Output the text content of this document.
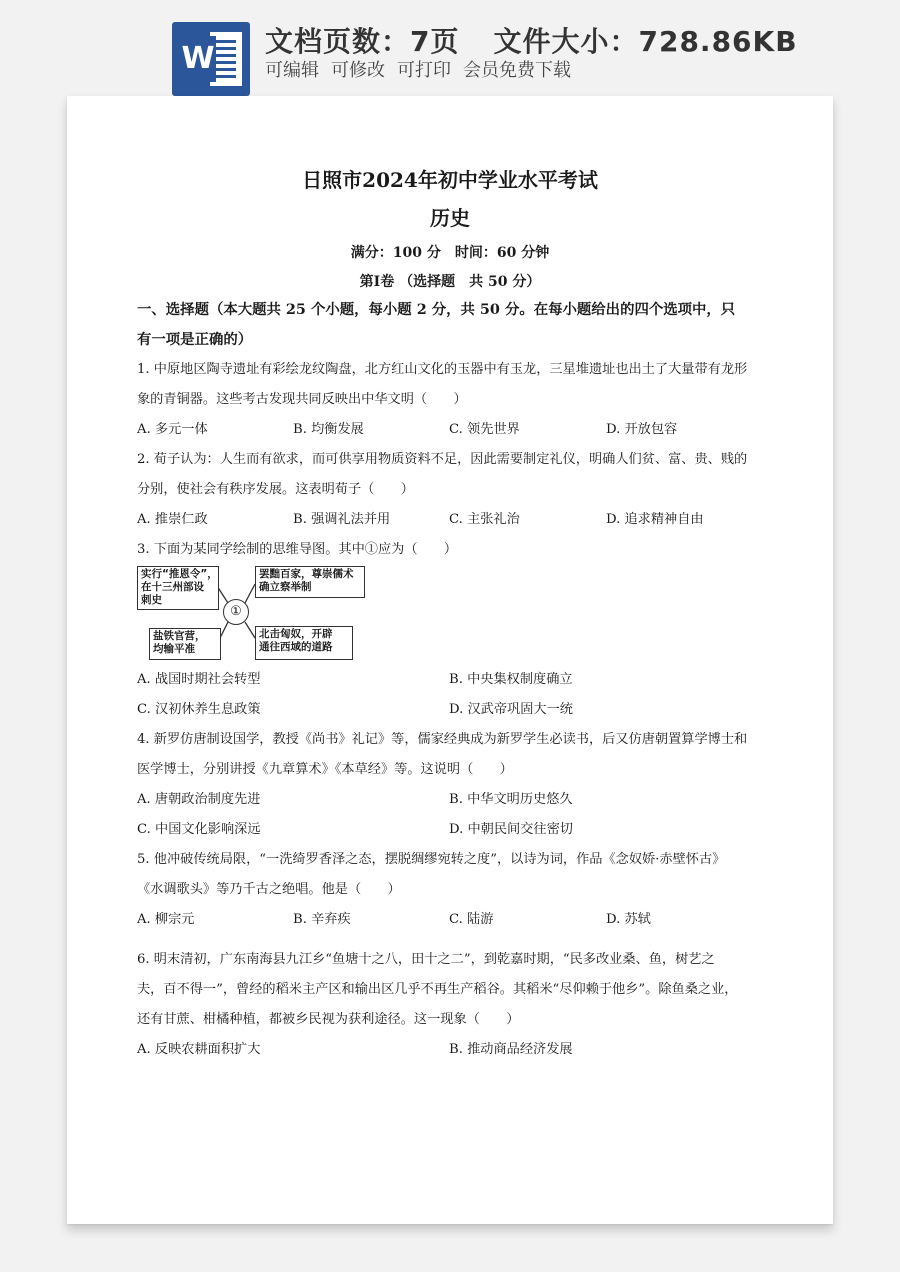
W 文档页数：7页 文件大小：728.86KB
可编辑 可修改 可打印 会员免费下载
日照市2024年初中学业水平考试
历史
满分：100 分　时间：60 分钟
第Ⅰ卷 （选择题　共 50 分）
一、选择题（本大题共 25 个小题，每小题 2 分，共 50 分。在每小题给出的四个选项中，只
有一项是正确的）
1. 中原地区陶寺遗址有彩绘龙纹陶盘，北方红山文化的玉器中有玉龙，三星堆遗址也出土了大量带有龙形
象的青铜器。这些考古发现共同反映出中华文明（　　）
A. 多元一体	B. 均衡发展	C. 领先世界	D. 开放包容
2. 荀子认为：人生而有欲求，而可供享用物质资料不足，因此需要制定礼仪，明确人们贫、富、贵、贱的
分别，使社会有秩序发展。这表明荀子（　　）
A. 推崇仁政	B. 强调礼法并用	C. 主张礼治	D. 追求精神自由
3. 下面为某同学绘制的思维导图。其中①应为（　　）
实行“推恩令”，
在十三州部设
刺史
罢黜百家，尊崇儒术
确立察举制
①
盐铁官营，
均输平准
北击匈奴，开辟
通往西域的道路
A. 战国时期社会转型	B. 中央集权制度确立
C. 汉初休养生息政策	D. 汉武帝巩固大一统
4. 新罗仿唐制设国学，教授《尚书》礼记》等，儒家经典成为新罗学生必读书，后又仿唐朝置算学博士和
医学博士，分别讲授《九章算术》《本草经》等。这说明（　　）
A. 唐朝政治制度先进	B. 中华文明历史悠久
C. 中国文化影响深远	D. 中朝民间交往密切
5. 他冲破传统局限，“一洗绮罗香泽之态，摆脱绸缪宛转之度”，以诗为词，作品《念奴娇·赤壁怀古》
《水调歌头》等乃千古之绝唱。他是（　　）
A. 柳宗元	B. 辛弃疾	C. 陆游	D. 苏轼
6. 明末清初，广东南海县九江乡“鱼塘十之八，田十之二”，到乾嘉时期，“民多改业桑、鱼，树艺之
夫，百不得一”，曾经的稻米主产区和输出区几乎不再生产稻谷。其稻米“尽仰赖于他乡”。除鱼桑之业，
还有甘蔗、柑橘种植，都被乡民视为获利途径。这一现象（　　）
A. 反映农耕面积扩大	B. 推动商品经济发展
